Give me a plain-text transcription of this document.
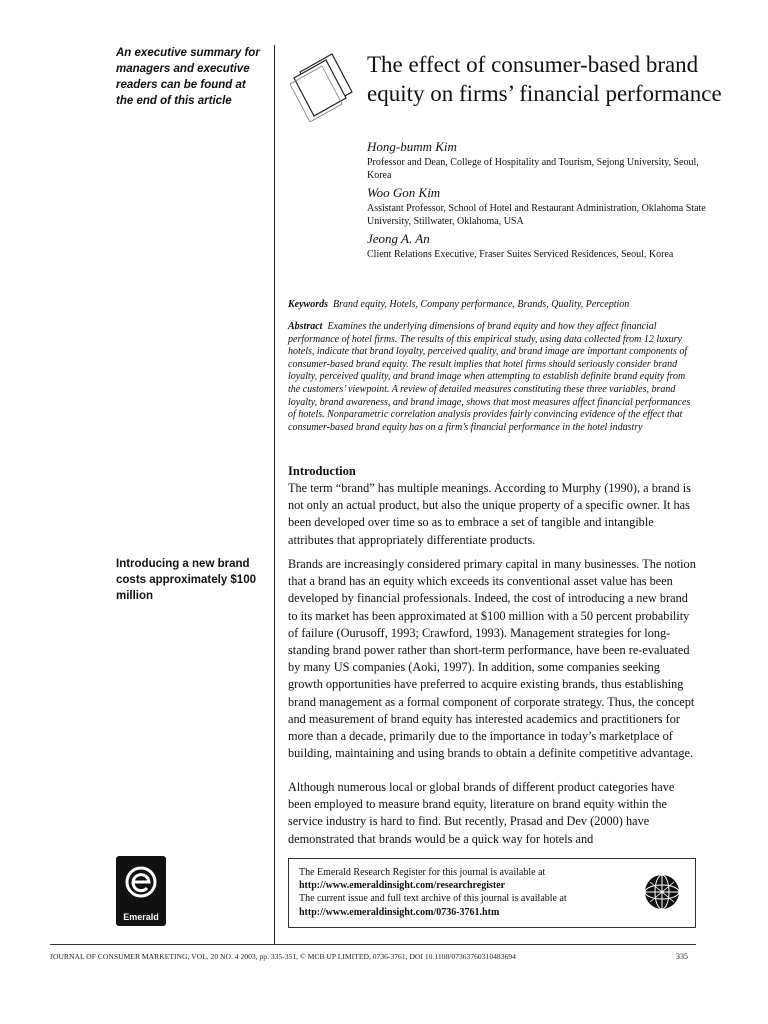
An executive summary for managers and executive readers can be found at the end of this article
The effect of consumer-based brand equity on firms’ financial performance
Hong-bumm Kim
Professor and Dean, College of Hospitality and Tourism, Sejong University, Seoul, Korea
Woo Gon Kim
Assistant Professor, School of Hotel and Restaurant Administration, Oklahoma State University, Stillwater, Oklahoma, USA
Jeong A. An
Client Relations Executive, Fraser Suites Serviced Residences, Seoul, Korea
Keywords Brand equity, Hotels, Company performance, Brands, Quality, Perception
Abstract Examines the underlying dimensions of brand equity and how they affect financial performance of hotel firms. The results of this empirical study, using data collected from 12 luxury hotels, indicate that brand loyalty, perceived quality, and brand image are important components of consumer-based brand equity. The result implies that hotel firms should seriously consider brand loyalty, perceived quality, and brand image when attempting to establish definite brand equity from the customers’ viewpoint. A review of detailed measures constituting these three variables, brand loyalty, brand awareness, and brand image, shows that most measures affect financial performances of hotels. Nonparametric correlation analysis provides fairly convincing evidence of the effect that consumer-based brand equity has on a firm’s financial performance in the hotel industry
Introduction
The term “brand” has multiple meanings. According to Murphy (1990), a brand is not only an actual product, but also the unique property of a specific owner. It has been developed over time so as to embrace a set of tangible and intangible attributes that appropriately differentiate products.
Introducing a new brand costs approximately $100 million
Brands are increasingly considered primary capital in many businesses. The notion that a brand has an equity which exceeds its conventional asset value has been developed by financial professionals. Indeed, the cost of introducing a new brand to its market has been approximated at $100 million with a 50 percent probability of failure (Ourusoff, 1993; Crawford, 1993). Management strategies for long-standing brand power rather than short-term performance, have been re-evaluated by many US companies (Aoki, 1997). In addition, some companies seeking growth opportunities have preferred to acquire existing brands, thus establishing brand management as a formal component of corporate strategy. Thus, the concept and measurement of brand equity has interested academics and practitioners for more than a decade, primarily due to the importance in today’s marketplace of building, maintaining and using brands to obtain a definite competitive advantage.
Although numerous local or global brands of different product categories have been employed to measure brand equity, literature on brand equity within the service industry is hard to find. But recently, Prasad and Dev (2000) have demonstrated that brands would be a quick way for hotels and
Emerald
The Emerald Research Register for this journal is available at
http://www.emeraldinsight.com/researchregister
The current issue and full text archive of this journal is available at
http://www.emeraldinsight.com/0736-3761.htm
JOURNAL OF CONSUMER MARKETING, VOL. 20 NO. 4 2003, pp. 335-351, © MCB UP LIMITED, 0736-3761, DOI 10.1108/07363760310483694	335
